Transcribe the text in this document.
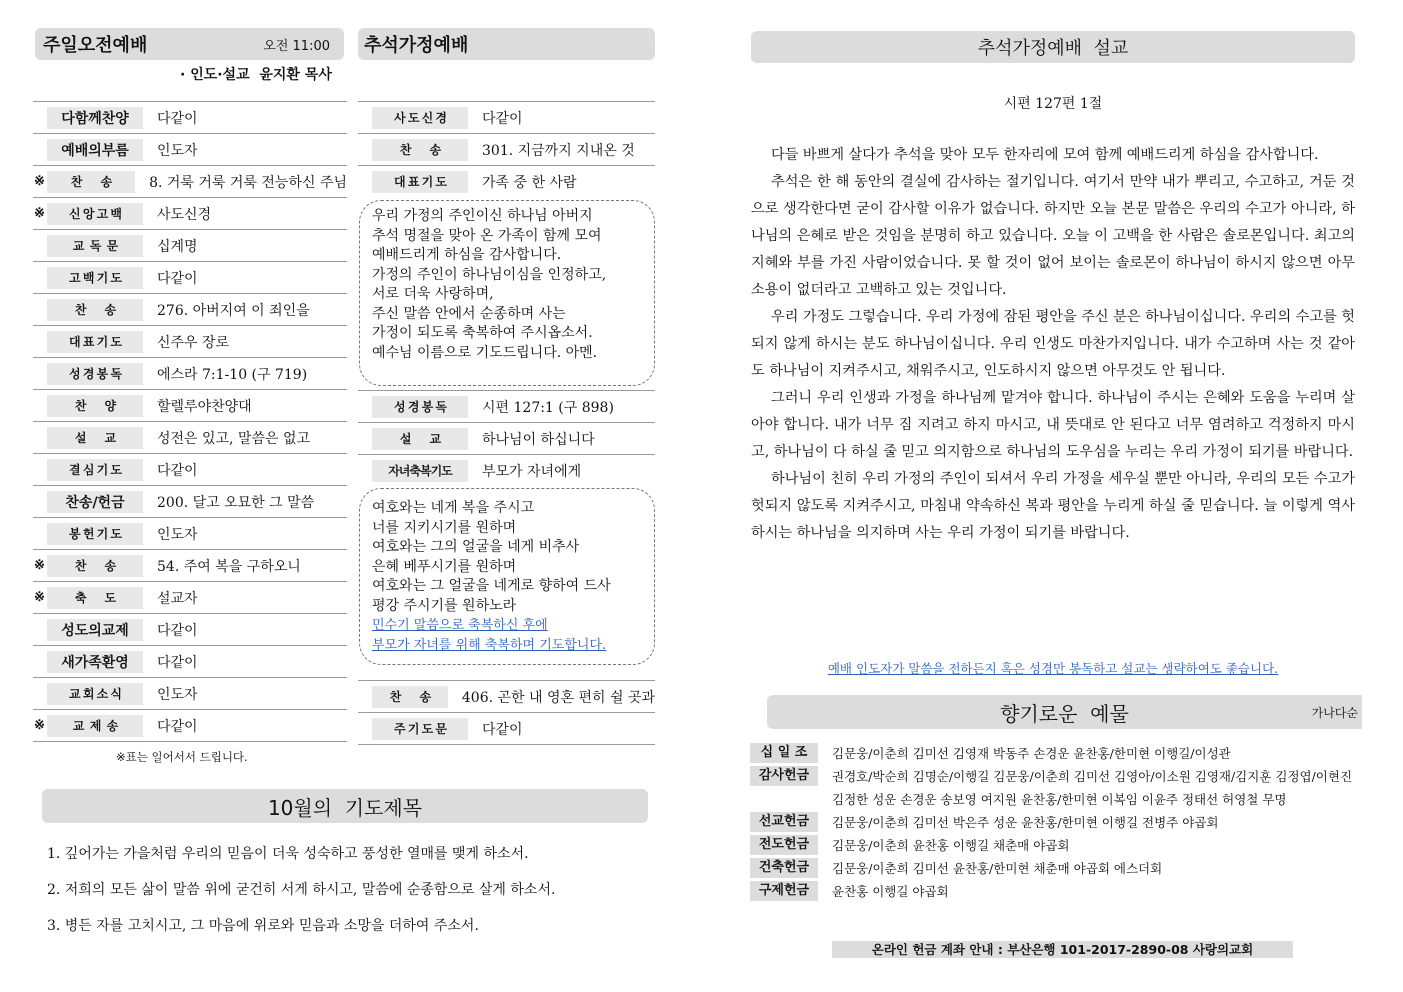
주일오전예배	오전 11:00
· 인도·설교  윤지환 목사
다함께찬양	다같이
예배의부름	인도자
※	찬      송	8. 거룩 거룩 거룩 전능하신 주님
※	신 앙 고 백	사도신경
교  독  문	십계명
고 백 기 도	다같이
찬      송	276. 아버지여 이 죄인을
대 표 기 도	신주우 장로
성 경 봉 독	에스라 7:1-10 (구 719)
찬      양	할렐루야찬양대
설      교	성전은 있고, 말씀은 없고
결 심 기 도	다같이
찬송/헌금	200. 달고 오묘한 그 말씀
봉 헌 기 도	인도자
※	찬      송	54. 주여 복을 구하오니
※	축      도	설교자
성도의교제	다같이
새가족환영	다같이
교 회 소 식	인도자
※	교  제  송	다같이
※표는 일어서서 드립니다.
추석가정예배
사 도 신 경	다같이
찬      송	301. 지금까지 지내온 것
대 표 기 도	가족 중 한 사람
우리 가정의 주인이신 하나님 아버지
추석 명절을 맞아 온 가족이 함께 모여
예배드리게 하심을 감사합니다.
가정의 주인이 하나님이심을 인정하고,
서로 더욱 사랑하며,
주신 말씀 안에서 순종하며 사는
가정이 되도록 축복하여 주시옵소서.
예수님 이름으로 기도드립니다. 아멘.
성 경 봉 독	시편 127:1 (구 898)
설      교	하나님이 하십니다
자녀축복기도	부모가 자녀에게
여호와는 네게 복을 주시고
너를 지키시기를 원하며
여호와는 그의 얼굴을 네게 비추사
은혜 베푸시기를 원하며
여호와는 그 얼굴을 네게로 향하여 드사
평강 주시기를 원하노라
민수기 말씀으로 축복하신 후에
부모가 자녀를 위해 축복하며 기도합니다.
찬      송	406. 곤한 내 영혼 편히 쉴 곳과
주 기 도 문	다같이
10월의  기도제목
1. 깊어가는 가을처럼 우리의 믿음이 더욱 성숙하고 풍성한 열매를 맺게 하소서.
2. 저희의 모든 삶이 말씀 위에 굳건히 서게 하시고, 말씀에 순종함으로 살게 하소서.
3. 병든 자를 고치시고, 그 마음에 위로와 믿음과 소망을 더하여 주소서.
추석가정예배  설교
시편 127편 1절

다들 바쁘게 살다가 추석을 맞아 모두 한자리에 모여 함께 예배드리게 하심을 감사합니다.

추석은 한 해 동안의 결실에 감사하는 절기입니다. 여기서 만약 내가 뿌리고, 수고하고, 거둔 것으로 생각한다면 굳이 감사할 이유가 없습니다. 하지만 오늘 본문 말씀은 우리의 수고가 아니라, 하나님의 은혜로 받은 것임을 분명히 하고 있습니다. 오늘 이 고백을 한 사람은 솔로몬입니다. 최고의 지혜와 부를 가진 사람이었습니다. 못 할 것이 없어 보이는 솔로몬이 하나님이 하시지 않으면 아무 소용이 없더라고 고백하고 있는 것입니다.

우리 가정도 그렇습니다. 우리 가정에 잠된 평안을 주신 분은 하나님이십니다. 우리의 수고를 헛되지 않게 하시는 분도 하나님이십니다. 우리 인생도 마찬가지입니다. 내가 수고하며 사는 것 같아도 하나님이 지켜주시고, 채워주시고, 인도하시지 않으면 아무것도 안 됩니다.

그러니 우리 인생과 가정을 하나님께 맡겨야 합니다. 하나님이 주시는 은혜와 도움을 누리며 살아야 합니다. 내가 너무 짐 지려고 하지 마시고, 내 뜻대로 안 된다고 너무 염려하고 걱정하지 마시고, 하나님이 다 하실 줄 믿고 의지함으로 하나님의 도우심을 누리는 우리 가정이 되기를 바랍니다.

하나님이 친히 우리 가정의 주인이 되셔서 우리 가정을 세우실 뿐만 아니라, 우리의 모든 수고가 헛되지 않도록 지켜주시고, 마침내 약속하신 복과 평안을 누리게 하실 줄 믿습니다. 늘 이렇게 역사하시는 하나님을 의지하며 사는 우리 가정이 되기를 바랍니다.

예배 인도자가 말씀을 전하든지 혹은 성경만 봉독하고 설교는 생략하여도 좋습니다.
향기로운  예물	가나다순
십 일 조	김문웅/이춘희 김미선 김영재 박동주 손경운 윤찬홍/한미현 이행길/이성관
감사헌금	권경호/박순희 김명순/이행길 김문웅/이춘희 김미선 김영아/이소원 김영재/김지훈 김정엽/이현진 김정한 성운 손경운 송보영 여지원 윤찬홍/한미현 이복임 이윤주 정태선 허영철 무명
선교헌금	김문웅/이춘희 김미선 박은주 성운 윤찬홍/한미현 이행길 전병주 야곱회
전도헌금	김문웅/이춘희 윤찬홍 이행길 채춘매 야곱회
건축헌금	김문웅/이춘희 김미선 윤찬홍/한미현 채춘매 야곱회 에스더회
구제헌금	윤찬홍 이행길 야곱회
온라인 헌금 계좌 안내 : 부산은행 101-2017-2890-08 사랑의교회
